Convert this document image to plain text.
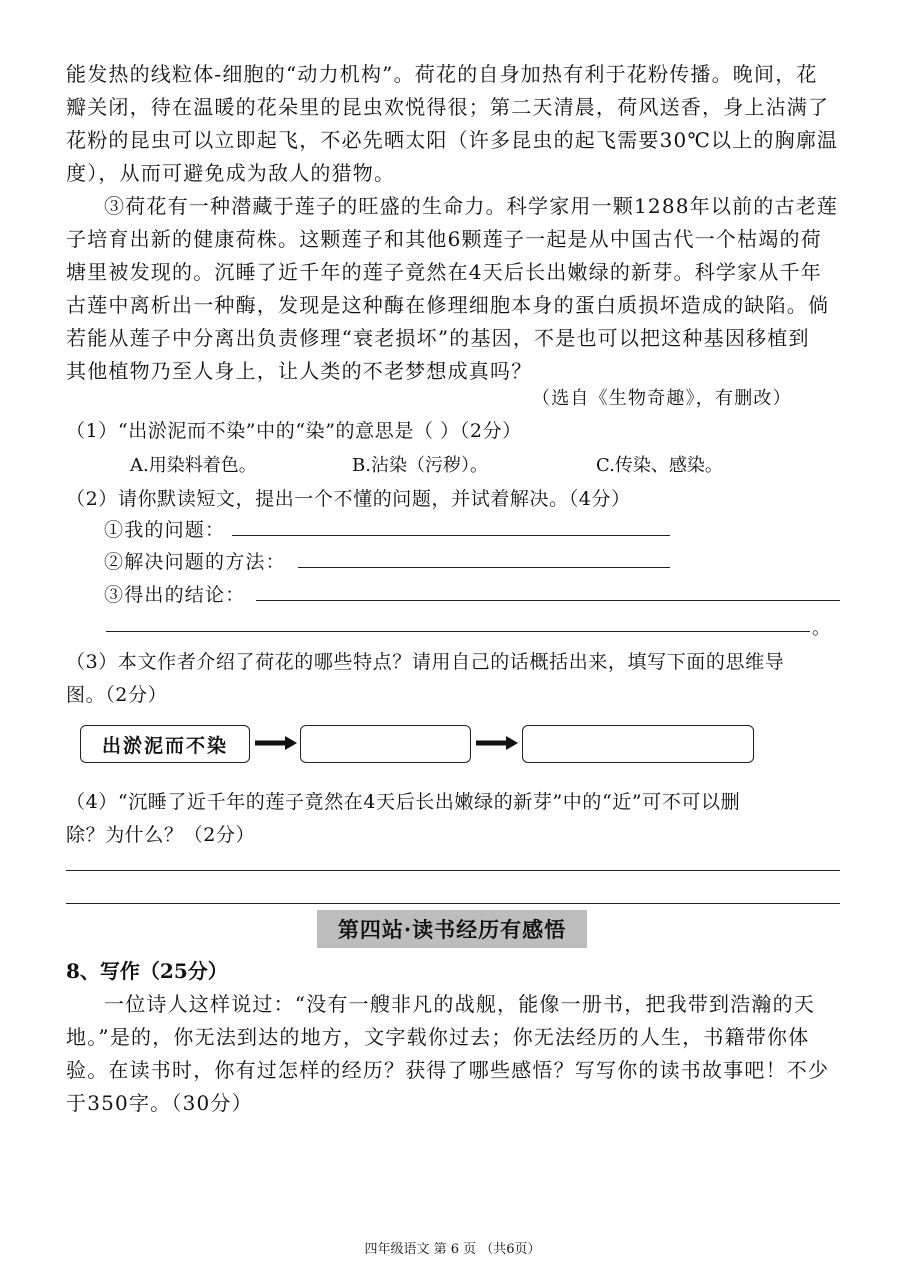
能发热的线粒体-细胞的“动力机构”。荷花的自身加热有利于花粉传播。晚间，花
瓣关闭，待在温暖的花朵里的昆虫欢悦得很；第二天清晨，荷风送香，身上沾满了
花粉的昆虫可以立即起飞，不必先晒太阳（许多昆虫的起飞需要30℃以上的胸廓温
度），从而可避免成为敌人的猎物。
③荷花有一种潜藏于莲子的旺盛的生命力。科学家用一颗1288年以前的古老莲
子培育出新的健康荷株。这颗莲子和其他6颗莲子一起是从中国古代一个枯竭的荷
塘里被发现的。沉睡了近千年的莲子竟然在4天后长出嫩绿的新芽。科学家从千年
古莲中离析出一种酶，发现是这种酶在修理细胞本身的蛋白质损坏造成的缺陷。倘
若能从莲子中分离出负责修理“衰老损坏”的基因，不是也可以把这种基因移植到
其他植物乃至人身上，让人类的不老梦想成真吗？
（选自《生物奇趣》，有删改）
（1）“出淤泥而不染”中的“染”的意思是（ ）（2分）
A.用染料着色。	B.沾染（污秽）。	C.传染、感染。
（2）请你默读短文，提出一个不懂的问题，并试着解决。（4分）
①我的问题：
②解决问题的方法：
③得出的结论：
。
（3）本文作者介绍了荷花的哪些特点？请用自己的话概括出来，填写下面的思维导
图。（2分）
出淤泥而不染
（4）“沉睡了近千年的莲子竟然在4天后长出嫩绿的新芽”中的“近”可不可以删
除？为什么？（2分）
第四站·读书经历有感悟
8、写作（25分）
一位诗人这样说过：“没有一艘非凡的战舰，能像一册书，把我带到浩瀚的天
地。”是的，你无法到达的地方，文字载你过去；你无法经历的人生，书籍带你体
验。在读书时，你有过怎样的经历？获得了哪些感悟？写写你的读书故事吧！不少
于350字。（30分）
四年级语文 第 6 页 （共6页）
